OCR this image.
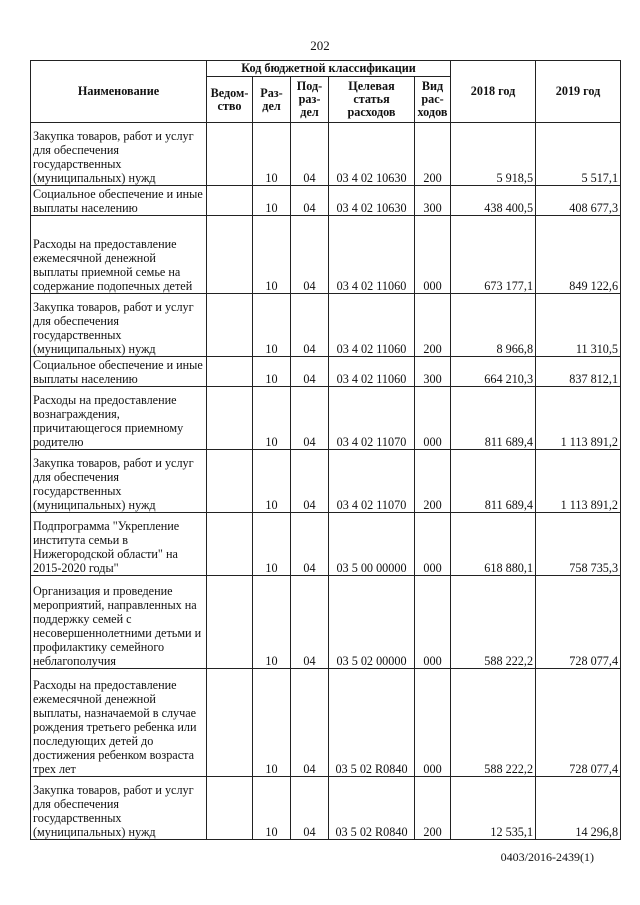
202
Наименование	Код бюджетной классификации					2018 год	2019 год
	Ведом-ство	Раз-дел	Под-раз-дел	Целевая статья расходов	Вид рас-ходов		
Закупка товаров, работ и услуг для обеспечения государственных (муниципальных) нужд		10	04	03 4 02 10630	200	5 918,5	5 517,1
Социальное обеспечение и иные выплаты населению		10	04	03 4 02 10630	300	438 400,5	408 677,3
Расходы на предоставление ежемесячной денежной выплаты приемной семье на содержание подопечных детей		10	04	03 4 02 11060	000	673 177,1	849 122,6
Закупка товаров, работ и услуг для обеспечения государственных (муниципальных) нужд		10	04	03 4 02 11060	200	8 966,8	11 310,5
Социальное обеспечение и иные выплаты населению		10	04	03 4 02 11060	300	664 210,3	837 812,1
Расходы на предоставление вознаграждения, причитающегося приемному родителю		10	04	03 4 02 11070	000	811 689,4	1 113 891,2
Закупка товаров, работ и услуг для обеспечения государственных (муниципальных) нужд		10	04	03 4 02 11070	200	811 689,4	1 113 891,2
Подпрограмма "Укрепление института семьи в Нижегородской области" на 2015-2020 годы"		10	04	03 5 00 00000	000	618 880,1	758 735,3
Организация и проведение мероприятий, направленных на поддержку семей с несовершеннолетними детьми и профилактику семейного неблагополучия		10	04	03 5 02 00000	000	588 222,2	728 077,4
Расходы на предоставление ежемесячной денежной выплаты, назначаемой в случае рождения третьего ребенка или последующих детей до достижения ребенком возраста трех лет		10	04	03 5 02 R0840	000	588 222,2	728 077,4
Закупка товаров, работ и услуг для обеспечения государственных (муниципальных) нужд		10	04	03 5 02 R0840	200	12 535,1	14 296,8
0403/2016-2439(1)
